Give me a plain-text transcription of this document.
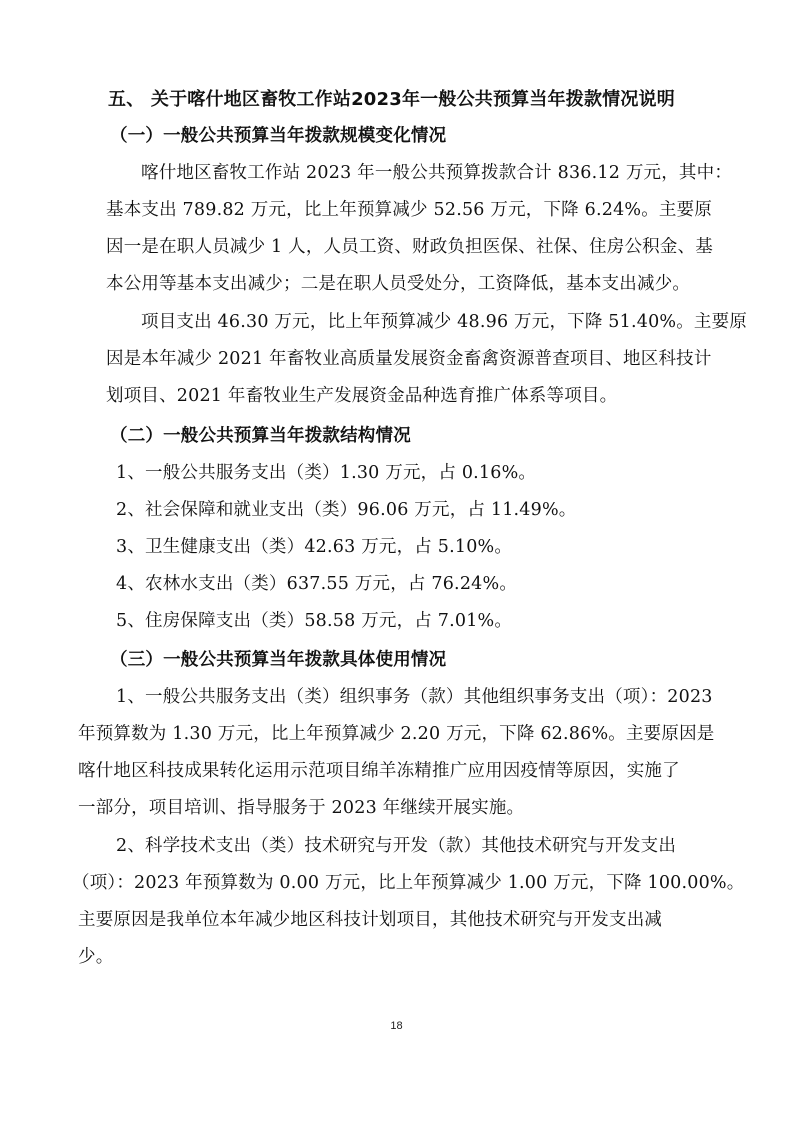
五、 关于喀什地区畜牧工作站2023年一般公共预算当年拨款情况说明
（一）一般公共预算当年拨款规模变化情况
喀什地区畜牧工作站 2023 年一般公共预算拨款合计 836.12 万元，其中：
基本支出 789.82 万元，比上年预算减少 52.56 万元，下降 6.24%。主要原
因一是在职人员减少 1 人，人员工资、财政负担医保、社保、住房公积金、基
本公用等基本支出减少；二是在职人员受处分，工资降低，基本支出减少。
项目支出 46.30 万元，比上年预算减少 48.96 万元，下降 51.40%。主要原
因是本年减少 2021 年畜牧业高质量发展资金畜禽资源普查项目、地区科技计
划项目、2021 年畜牧业生产发展资金品种选育推广体系等项目。
（二）一般公共预算当年拨款结构情况
1、一般公共服务支出（类）1.30 万元，占 0.16%。
2、社会保障和就业支出（类）96.06 万元，占 11.49%。
3、卫生健康支出（类）42.63 万元，占 5.10%。
4、农林水支出（类）637.55 万元，占 76.24%。
5、住房保障支出（类）58.58 万元，占 7.01%。
（三）一般公共预算当年拨款具体使用情况
1、一般公共服务支出（类）组织事务（款）其他组织事务支出（项）：2023
年预算数为 1.30 万元，比上年预算减少 2.20 万元，下降 62.86%。主要原因是
喀什地区科技成果转化运用示范项目绵羊冻精推广应用因疫情等原因，实施了
一部分，项目培训、指导服务于 2023 年继续开展实施。
2、科学技术支出（类）技术研究与开发（款）其他技术研究与开发支出
（项）：2023 年预算数为 0.00 万元，比上年预算减少 1.00 万元，下降 100.00%。
主要原因是我单位本年减少地区科技计划项目，其他技术研究与开发支出减
少。
18
